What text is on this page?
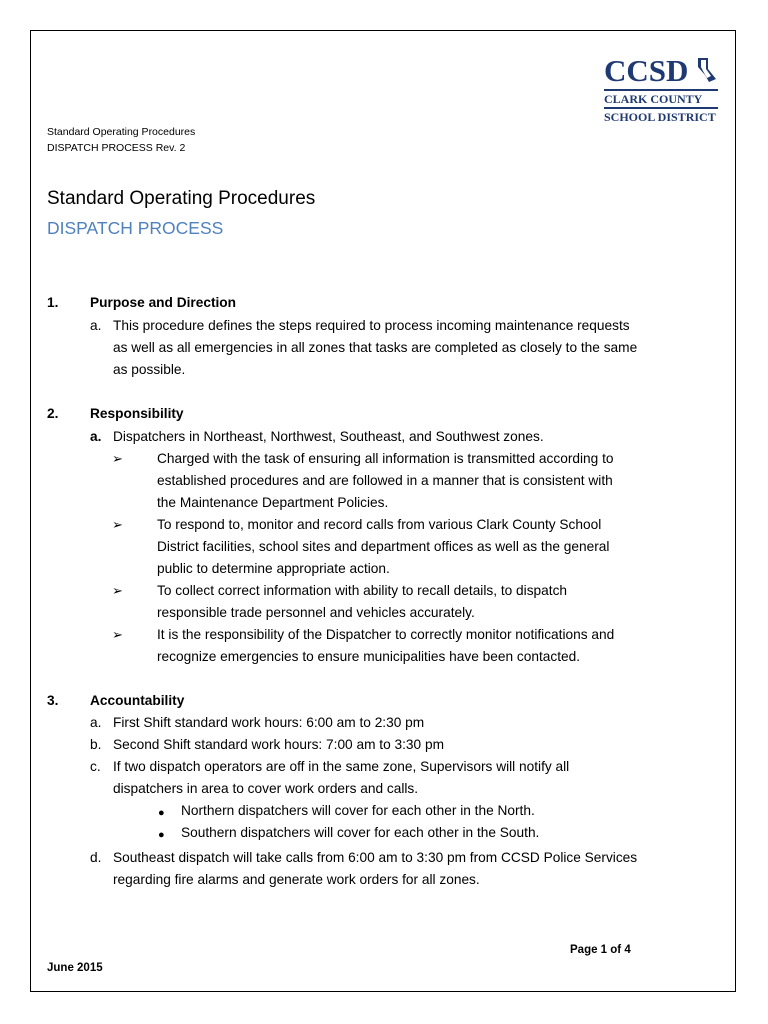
CCSD
CLARK COUNTY
SCHOOL DISTRICT
Standard Operating Procedures
DISPATCH PROCESS Rev. 2
Standard Operating Procedures
DISPATCH PROCESS
1. Purpose and Direction
a. This procedure defines the steps required to process incoming maintenance requests
as well as all emergencies in all zones that tasks are completed as closely to the same
as possible.
2. Responsibility
a. Dispatchers in Northeast, Northwest, Southeast, and Southwest zones.
➢ Charged with the task of ensuring all information is transmitted according to
established procedures and are followed in a manner that is consistent with
the Maintenance Department Policies.
➢ To respond to, monitor and record calls from various Clark County School
District facilities, school sites and department offices as well as the general
public to determine appropriate action.
➢ To collect correct information with ability to recall details, to dispatch
responsible trade personnel and vehicles accurately.
➢ It is the responsibility of the Dispatcher to correctly monitor notifications and
recognize emergencies to ensure municipalities have been contacted.
3. Accountability
a. First Shift standard work hours: 6:00 am to 2:30 pm
b. Second Shift standard work hours: 7:00 am to 3:30 pm
c. If two dispatch operators are off in the same zone, Supervisors will notify all
dispatchers in area to cover work orders and calls.
● Northern dispatchers will cover for each other in the North.
● Southern dispatchers will cover for each other in the South.
d. Southeast dispatch will take calls from 6:00 am to 3:30 pm from CCSD Police Services
regarding fire alarms and generate work orders for all zones.
Page 1 of 4
June 2015
